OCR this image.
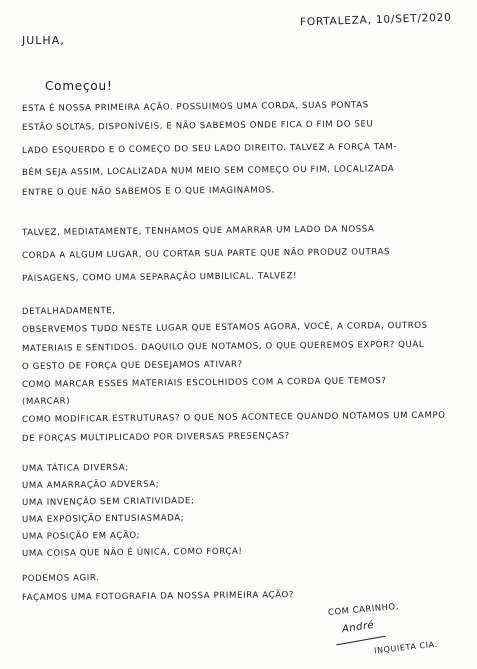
FORTALEZA, 10/SET/2020
JULHA,
Começou!
ESTA É NOSSA PRIMEIRA AÇÃO. POSSUIMOS UMA CORDA, SUAS PONTAS
ESTÃO SOLTAS, DISPONÍVEIS, E NÃO SABEMOS ONDE FICA O FIM DO SEU
LADO ESQUERDO E O COMEÇO DO SEU LADO DIREITO. TALVEZ A FORÇA TAM-
BÉM SEJA ASSIM, LOCALIZADA NUM MEIO SEM COMEÇO OU FIM, LOCALIZADA
ENTRE O QUE NÃO SABEMOS E O QUE IMAGINAMOS.
TALVEZ, MEDIATAMENTE, TENHAMOS QUE AMARRAR UM LADO DA NOSSA
CORDA A ALGUM LUGAR, OU CORTAR SUA PARTE QUE NÃO PRODUZ OUTRAS
PAISAGENS, COMO UMA SEPARAÇÃO UMBILICAL. TALVEZ!
DETALHADAMENTE,
OBSERVEMOS TUDO NESTE LUGAR QUE ESTAMOS AGORA, VOCÊ, A CORDA, OUTROS
MATERIAIS E SENTIDOS. DAQUILO QUE NOTAMOS, O QUE QUEREMOS EXPOR? QUAL
O GESTO DE FORÇA QUE DESEJAMOS ATIVAR?
COMO MARCAR ESSES MATERIAIS ESCOLHIDOS COM A CORDA QUE TEMOS?
(MARCAR)
COMO MODIFICAR ESTRUTURAS? O QUE NOS ACONTECE QUANDO NOTAMOS UM CAMPO
DE FORÇAS MULTIPLICADO POR DIVERSAS PRESENÇAS?
UMA TÁTICA DIVERSA;
UMA AMARRAÇÃO ADVERSA;
UMA INVENÇÃO SEM CRIATIVIDADE;
UMA EXPOSIÇÃO ENTUSIASMADA;
UMA POSIÇÃO EM AÇÃO;
UMA COISA QUE NÃO É ÚNICA, COMO FORÇA!
PODEMOS AGIR.
FAÇAMOS UMA FOTOGRAFIA DA NOSSA PRIMEIRA AÇÃO?
COM CARINHO,
André
INQUIETA CIA.
